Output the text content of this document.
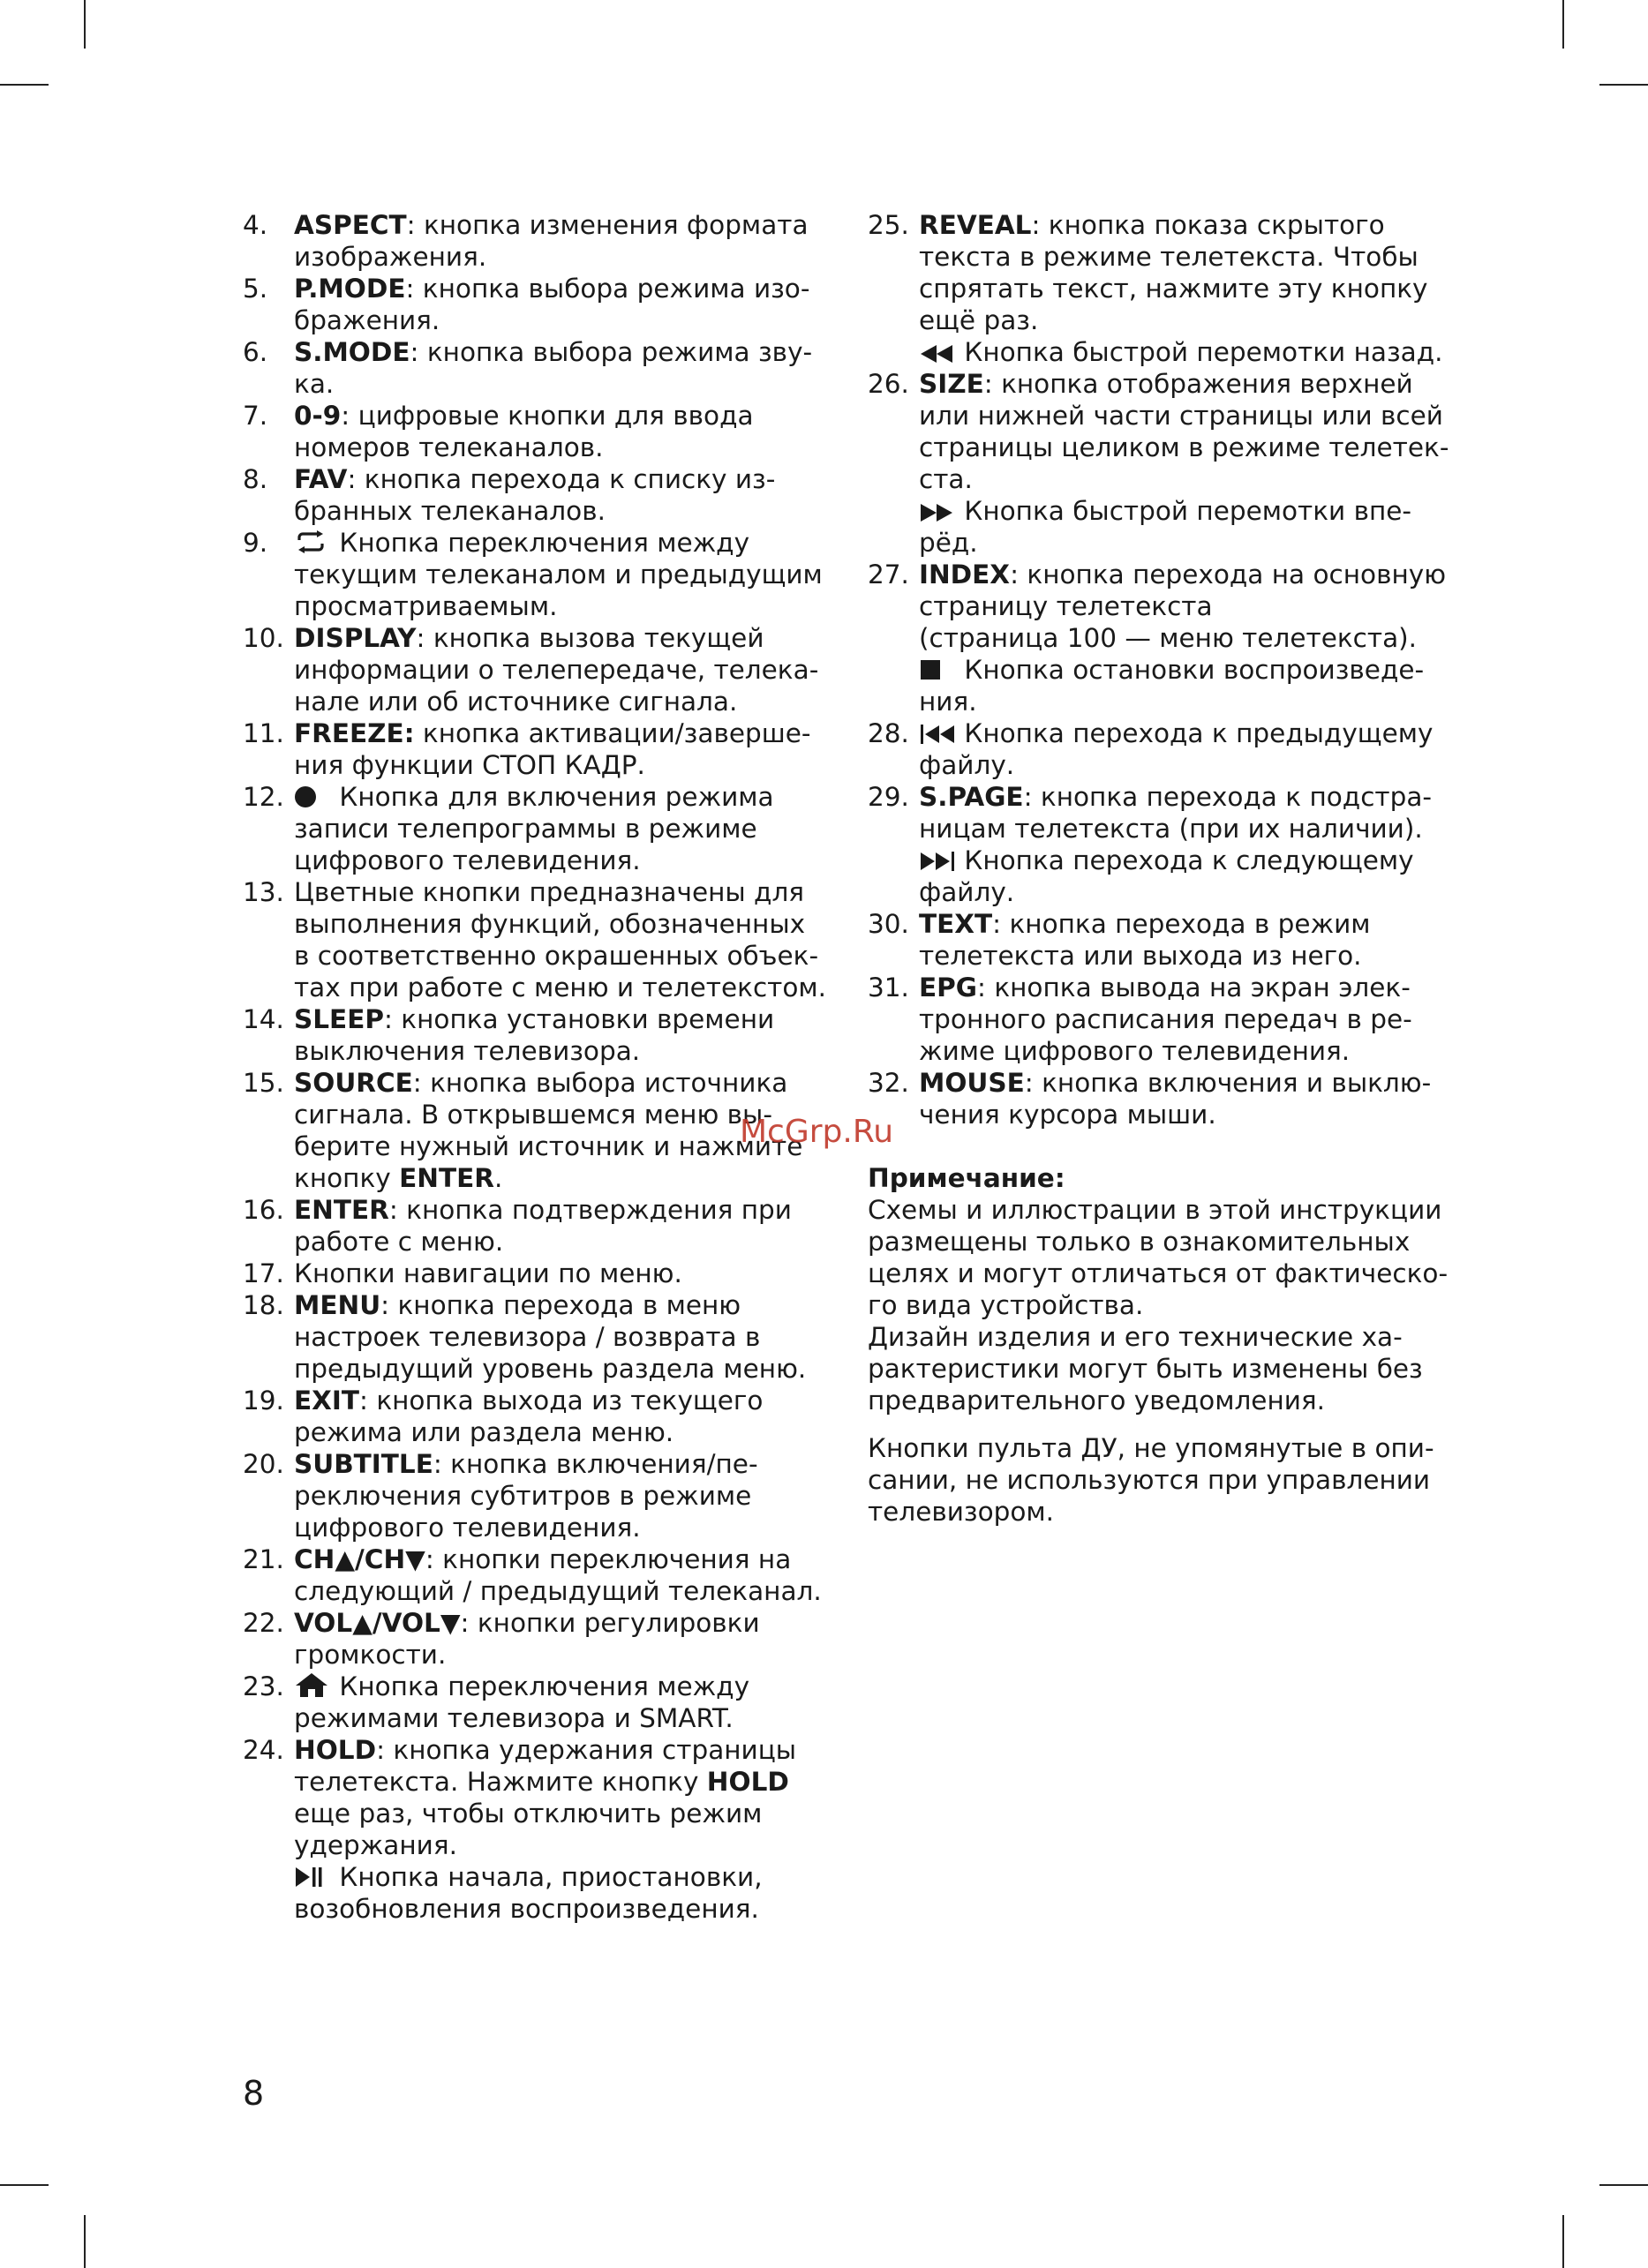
4. ASPECT: кнопка изменения формата
изображения.
5. P.MODE: кнопка выбора режима изо-
бражения.
6. S.MODE: кнопка выбора режима зву-
ка.
7. 0-9: цифровые кнопки для ввода
номеров телеканалов.
8. FAV: кнопка перехода к списку из-
бранных телеканалов.
9.	Кнопка переключения между
текущим телеканалом и предыдущим
просматриваемым.
10. DISPLAY: кнопка вызова текущей
информации о телепередаче, телека-
нале или об источнике сигнала.
11. FREEZE: кнопка активации/заверше-
ния функции СТОП КАДР.
12.	Кнопка для включения режима
записи телепрограммы в режиме
цифрового телевидения.
13. Цветные кнопки предназначены для
выполнения функций, обозначенных
в соответственно окрашенных объек-
тах при работе с меню и телетекстом.
14. SLEEP: кнопка установки времени
выключения телевизора.
15. SOURCE: кнопка выбора источника
сигнала. В открывшемся меню вы-
берите нужный источник и нажмите
кнопку ENTER.
16. ENTER: кнопка подтверждения при
работе с меню.
17. Кнопки навигации по меню.
18. MENU: кнопка перехода в меню
настроек телевизора / возврата в
предыдущий уровень раздела меню.
19. EXIT: кнопка выхода из текущего
режима или раздела меню.
20. SUBTITLE: кнопка включения/пе-
реключения субтитров в режиме
цифрового телевидения.
21. CH▲/CH▼: кнопки переключения на
следующий / предыдущий телеканал.
22. VOL▲/VOL▼: кнопки регулировки
громкости.
23.	Кнопка переключения между
режимами телевизора и SMART.
24. HOLD: кнопка удержания страницы
телетекста. Нажмите кнопку HOLD
еще раз, чтобы отключить режим
удержания.
Кнопка начала, приостановки,
возобновления воспроизведения.
25. REVEAL: кнопка показа скрытого
текста в режиме телетекста. Чтобы
спрятать текст, нажмите эту кнопку
ещё раз.
Кнопка быстрой перемотки назад.
26. SIZE: кнопка отображения верхней
или нижней части страницы или всей
страницы целиком в режиме телетек-
ста.
Кнопка быстрой перемотки впе-
рёд.
27. INDEX: кнопка перехода на основную
страницу телетекста
(страница 100 — меню телетекста).
Кнопка остановки воспроизведе-
ния.
28.	Кнопка перехода к предыдущему
файлу.
29. S.PAGE: кнопка перехода к подстра-
ницам телетекста (при их наличии).
Кнопка перехода к следующему
файлу.
30. TEXT: кнопка перехода в режим
телетекста или выхода из него.
31. EPG: кнопка вывода на экран элек-
тронного расписания передач в ре-
жиме цифрового телевидения.
32. MOUSE: кнопка включения и выклю-
чения курсора мыши.
Примечание:
Схемы и иллюстрации в этой инструкции
размещены только в ознакомительных
целях и могут отличаться от фактическо-
го вида устройства.
Дизайн изделия и его технические ха-
рактеристики могут быть изменены без
предварительного уведомления.
Кнопки пульта ДУ, не упомянутые в опи-
сании, не используются при управлении
телевизором.
McGrp.Ru
8
